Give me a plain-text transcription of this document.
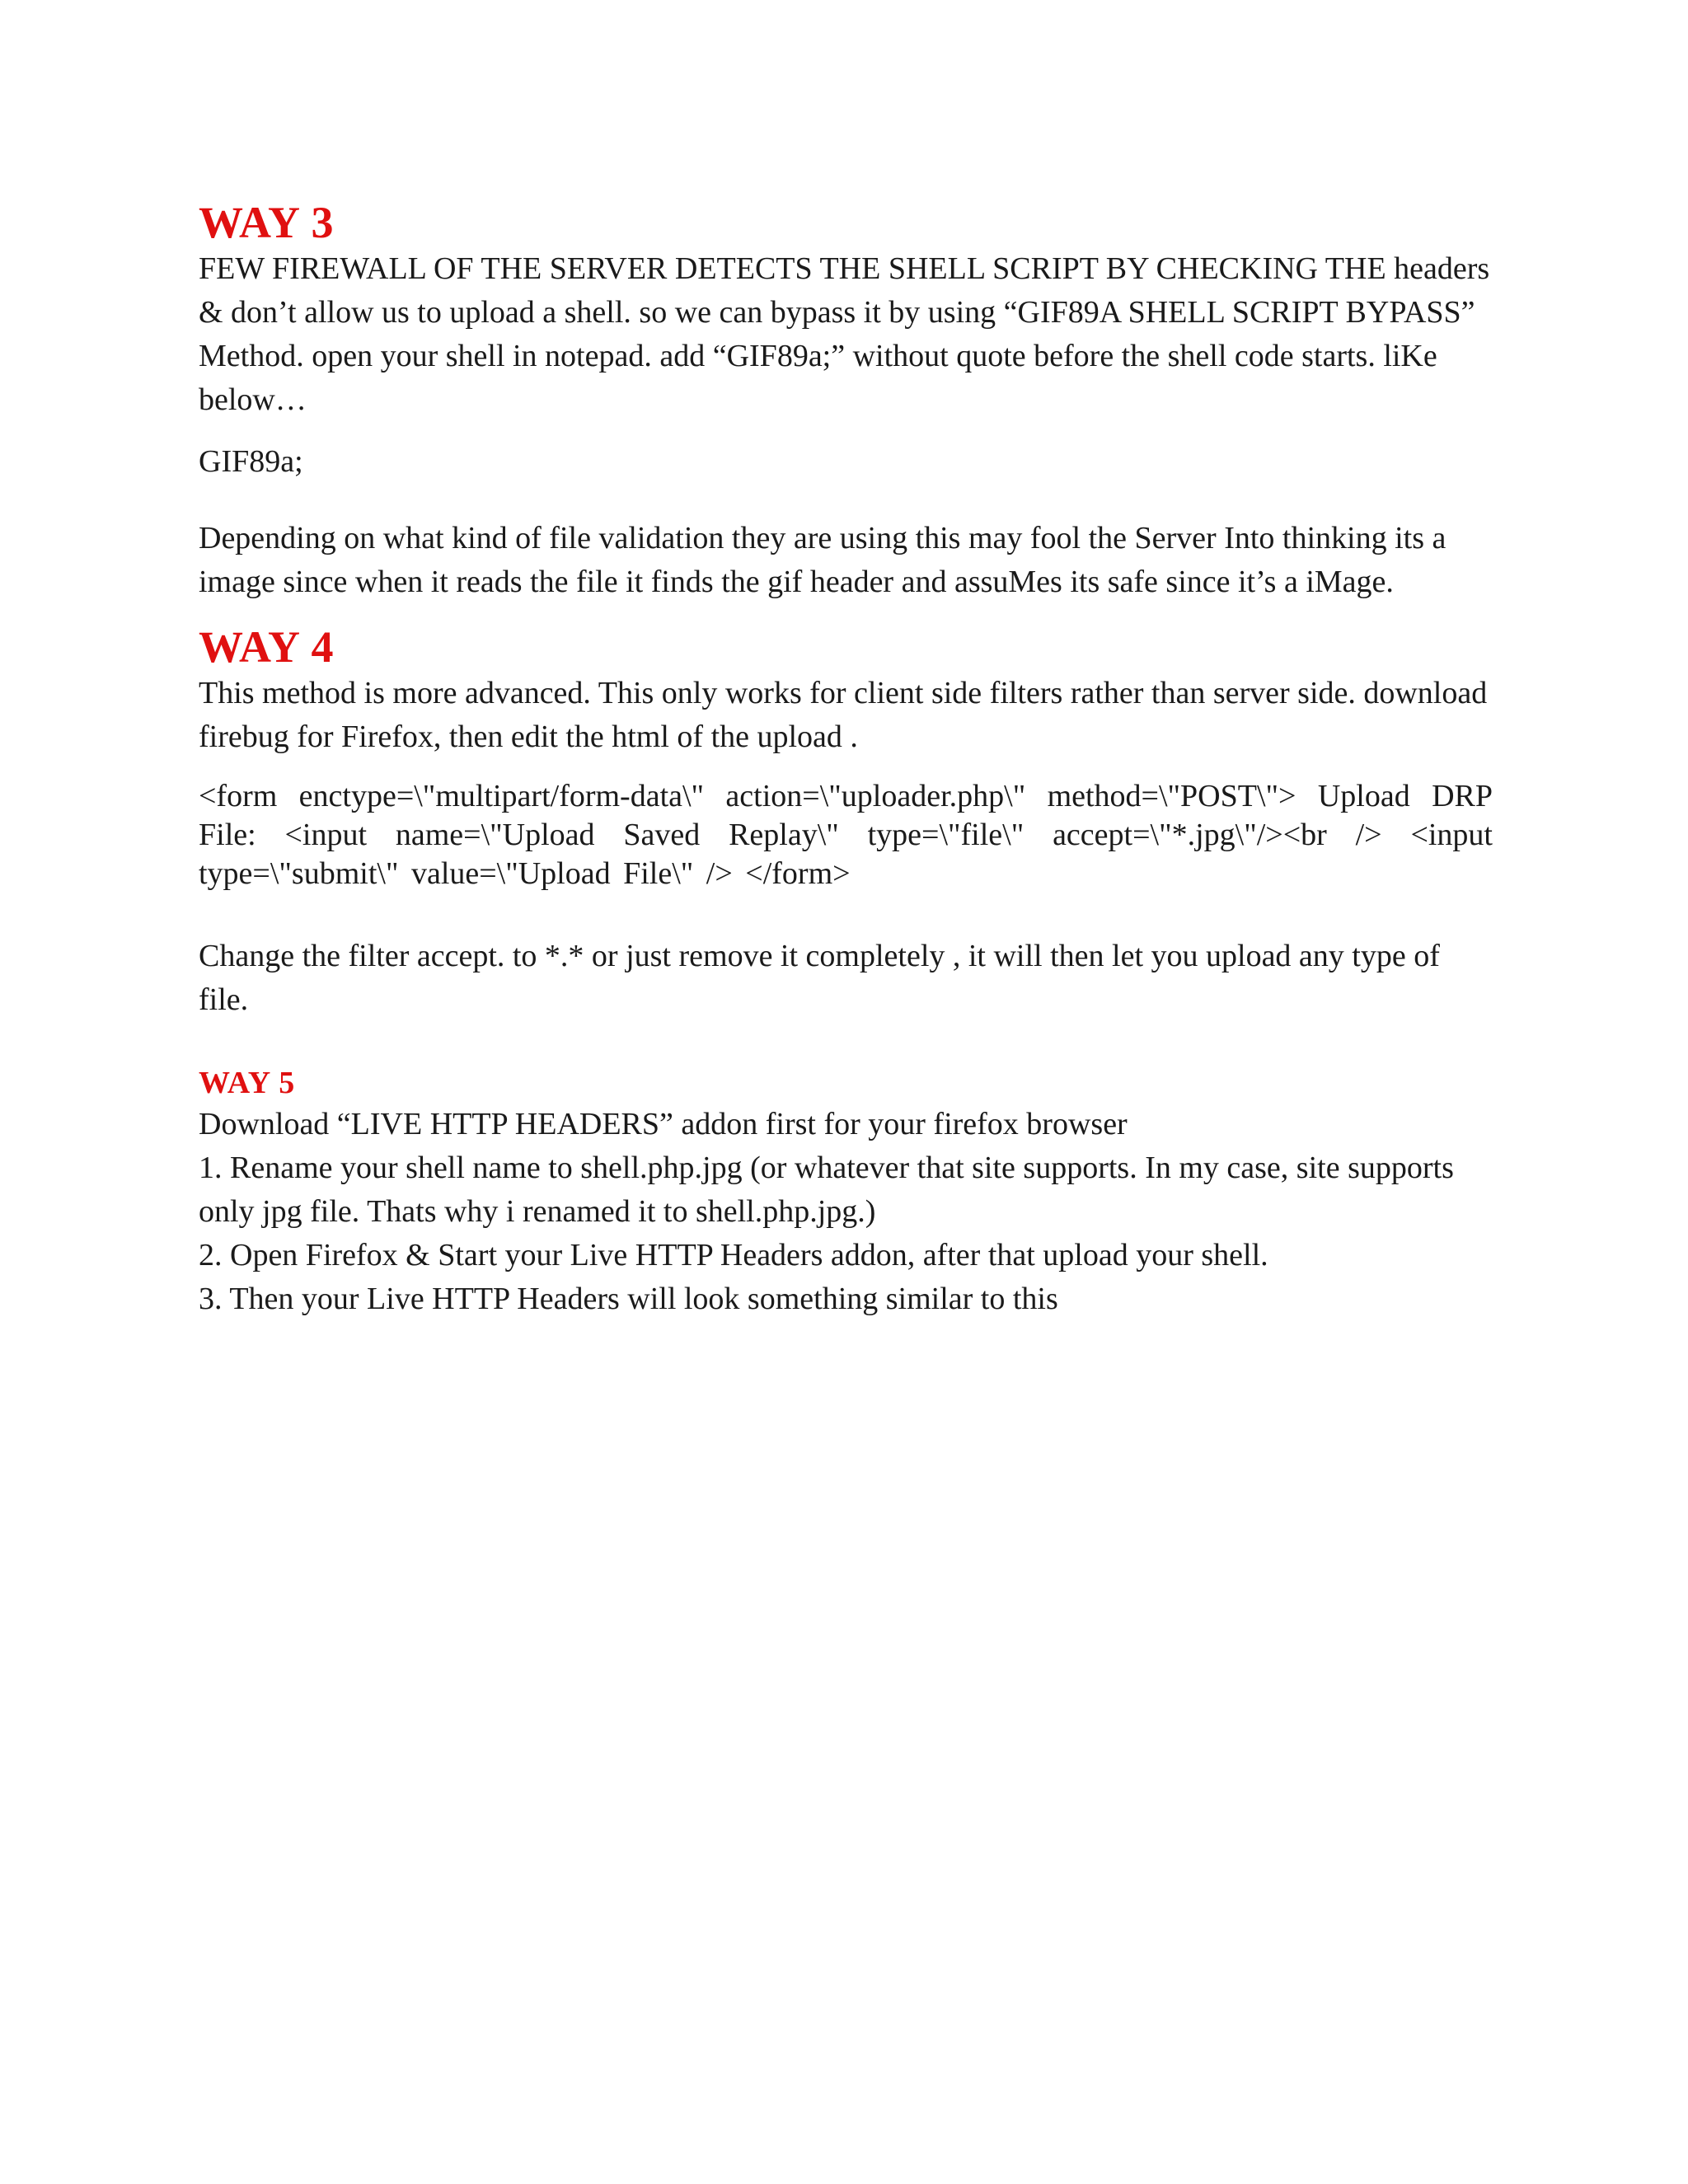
WAY 3

FEW FIREWALL OF THE SERVER DETECTS THE SHELL SCRIPT BY CHECKING THE headers & don’t allow us to upload a shell. so we can bypass it by using “GIF89A SHELL SCRIPT BYPASS” Method. open your shell in notepad. add “GIF89a;” without quote before the shell code starts. liKe below…

GIF89a;

Depending on what kind of file validation they are using this may fool the Server Into thinking its a image since when it reads the file it finds the gif header and assuMes its safe since it’s a iMage.

WAY 4

This method is more advanced. This only works for client side filters rather than server side. download firebug for Firefox, then edit the html of the upload .

<form enctype=\"multipart/form-data\" action=\"uploader.php\" method=\"POST\"> Upload DRP File: <input name=\"Upload Saved Replay\" type=\"file\" accept=\"*.jpg\"/><br /> <input type=\"submit\" value=\"Upload File\" /> </form>

Change the filter accept. to *.* or just remove it completely , it will then let you upload any type of file.

WAY 5

Download “LIVE HTTP HEADERS” addon first for your firefox browser

1. Rename your shell name to shell.php.jpg (or whatever that site supports. In my case, site supports only jpg file. Thats why i renamed it to shell.php.jpg.)

2. Open Firefox & Start your Live HTTP Headers addon, after that upload your shell.

3. Then your Live HTTP Headers will look something similar to this
